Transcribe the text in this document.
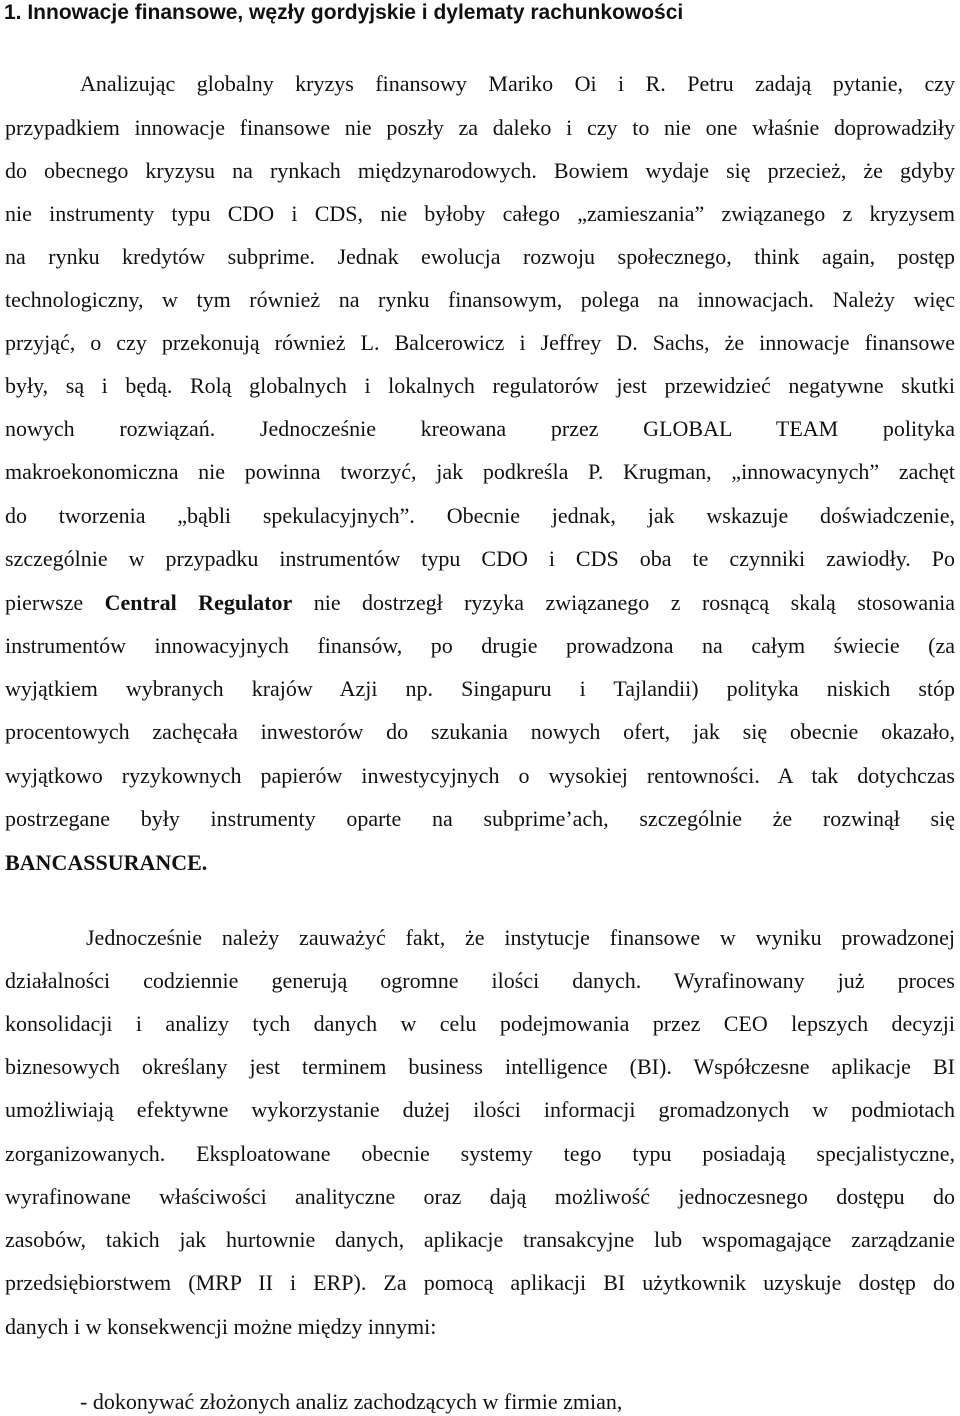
1. Innowacje finansowe, węzły gordyjskie i dylematy rachunkowości
Analizując globalny kryzys finansowy Mariko Oi i R. Petru zadają pytanie, czy
przypadkiem innowacje finansowe nie poszły za daleko i czy to nie one właśnie doprowadziły
do obecnego kryzysu na rynkach międzynarodowych. Bowiem wydaje się przecież, że gdyby
nie instrumenty typu CDO i CDS, nie byłoby całego „zamieszania” związanego z kryzysem
na rynku kredytów subprime. Jednak ewolucja rozwoju społecznego, think again, postęp
technologiczny, w tym również na rynku finansowym, polega na innowacjach. Należy więc
przyjąć, o czy przekonują również L. Balcerowicz i Jeffrey D. Sachs, że innowacje finansowe
były, są i będą. Rolą globalnych i lokalnych regulatorów jest przewidzieć negatywne skutki
nowych rozwiązań. Jednocześnie kreowana przez GLOBAL TEAM polityka
makroekonomiczna nie powinna tworzyć, jak podkreśla P. Krugman, „innowacynych” zachęt
do tworzenia „bąbli spekulacyjnych”. Obecnie jednak, jak wskazuje doświadczenie,
szczególnie w przypadku instrumentów typu CDO i CDS oba te czynniki zawiodły. Po
pierwsze Central Regulator nie dostrzegł ryzyka związanego z rosnącą skalą stosowania
instrumentów innowacyjnych finansów, po drugie prowadzona na całym świecie (za
wyjątkiem wybranych krajów Azji np. Singapuru i Tajlandii) polityka niskich stóp
procentowych zachęcała inwestorów do szukania nowych ofert, jak się obecnie okazało,
wyjątkowo ryzykownych papierów inwestycyjnych o wysokiej rentowności. A tak dotychczas
postrzegane były instrumenty oparte na subprime’ach, szczególnie że rozwinął się
BANCASSURANCE.
Jednocześnie należy zauważyć fakt, że instytucje finansowe w wyniku prowadzonej
działalności codziennie generują ogromne ilości danych. Wyrafinowany już proces
konsolidacji i analizy tych danych w celu podejmowania przez CEO lepszych decyzji
biznesowych określany jest terminem business intelligence (BI). Współczesne aplikacje BI
umożliwiają efektywne wykorzystanie dużej ilości informacji gromadzonych w podmiotach
zorganizowanych. Eksploatowane obecnie systemy tego typu posiadają specjalistyczne,
wyrafinowane właściwości analityczne oraz dają możliwość jednoczesnego dostępu do
zasobów, takich jak hurtownie danych, aplikacje transakcyjne lub wspomagające zarządzanie
przedsiębiorstwem (MRP II i ERP). Za pomocą aplikacji BI użytkownik uzyskuje dostęp do
danych i w konsekwencji możne między innymi:
- dokonywać złożonych analiz zachodzących w firmie zmian,
